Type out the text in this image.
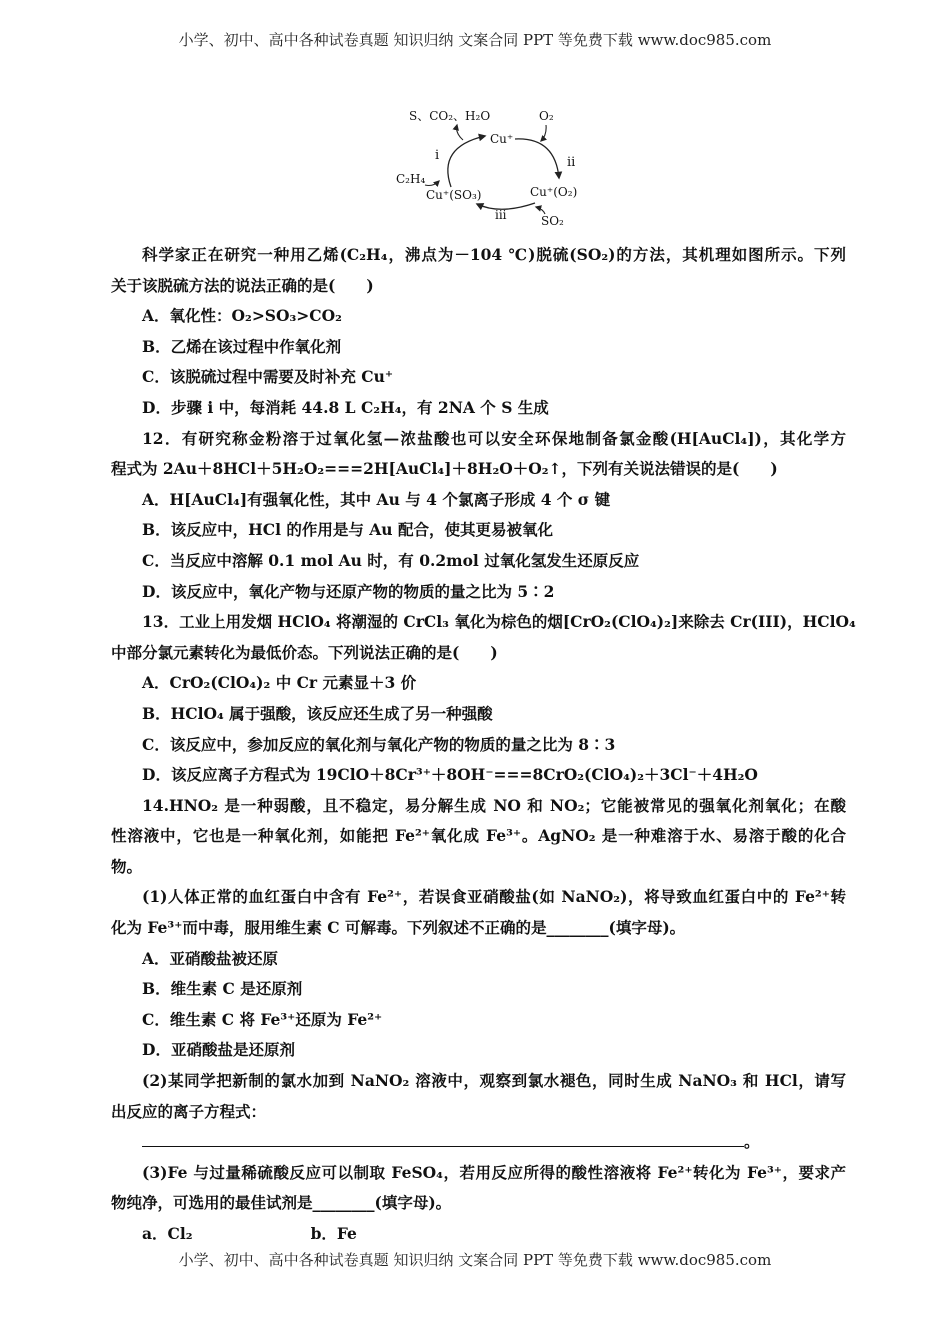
小学、初中、高中各种试卷真题 知识归纳 文案合同 PPT 等免费下载 www.doc985.com
S、CO₂、H₂O
Cu⁺
O₂
i	ii
iii
C₂H₄
Cu⁺(SO₃)	Cu⁺(O₂)
SO₂

科学家正在研究一种用乙烯(C₂H₄，沸点为－104 ℃)脱硫(SO₂)的方法，其机理如图所示。下列

关于该脱硫方法的说法正确的是(　　)

A．氧化性：O₂>SO₃>CO₂

B．乙烯在该过程中作氧化剂

C．该脱硫过程中需要及时补充 Cu⁺

D．步骤 i 中，每消耗 44.8 L C₂H₄，有 2NA 个 S 生成

12．有研究称金粉溶于过氧化氢—浓盐酸也可以安全环保地制备氯金酸(H[AuCl₄])，其化学方

程式为 2Au＋8HCl＋5H₂O₂===2H[AuCl₄]＋8H₂O＋O₂↑，下列有关说法错误的是(　　)

A．H[AuCl₄]有强氧化性，其中 Au 与 4 个氯离子形成 4 个 σ 键

B．该反应中，HCl 的作用是与 Au 配合，使其更易被氧化

C．当反应中溶解 0.1 mol Au 时，有 0.2mol 过氧化氢发生还原反应

D．该反应中，氧化产物与还原产物的物质的量之比为 5∶2

13．工业上用发烟 HClO₄ 将潮湿的 CrCl₃ 氧化为棕色的烟[CrO₂(ClO₄)₂]来除去 Cr(III)，HClO₄

中部分氯元素转化为最低价态。下列说法正确的是(　　)

A．CrO₂(ClO₄)₂ 中 Cr 元素显＋3 价

B．HClO₄ 属于强酸，该反应还生成了另一种强酸

C．该反应中，参加反应的氧化剂与氧化产物的物质的量之比为 8∶3

D．该反应离子方程式为 19ClO＋8Cr³⁺＋8OH⁻===8CrO₂(ClO₄)₂＋3Cl⁻＋4H₂O

14.HNO₂ 是一种弱酸，且不稳定，易分解生成 NO 和 NO₂；它能被常见的强氧化剂氧化；在酸

性溶液中，它也是一种氧化剂，如能把 Fe²⁺氧化成 Fe³⁺。AgNO₂ 是一种难溶于水、易溶于酸的化合

物。

(1)人体正常的血红蛋白中含有 Fe²⁺，若误食亚硝酸盐(如 NaNO₂)，将导致血红蛋白中的 Fe²⁺转

化为 Fe³⁺而中毒，服用维生素 C 可解毒。下列叙述不正确的是________(填字母)。

A．亚硝酸盐被还原

B．维生素 C 是还原剂

C．维生素 C 将 Fe³⁺还原为 Fe²⁺

D．亚硝酸盐是还原剂

(2)某同学把新制的氯水加到 NaNO₂ 溶液中，观察到氯水褪色，同时生成 NaNO₃ 和 HCl，请写

出反应的离子方程式：

。

(3)Fe 与过量稀硫酸反应可以制取 FeSO₄，若用反应所得的酸性溶液将 Fe²⁺转化为 Fe³⁺，要求产

物纯净，可选用的最佳试剂是________(填字母)。

a．Cl₂	b．Fe

小学、初中、高中各种试卷真题 知识归纳 文案合同 PPT 等免费下载 www.doc985.com
